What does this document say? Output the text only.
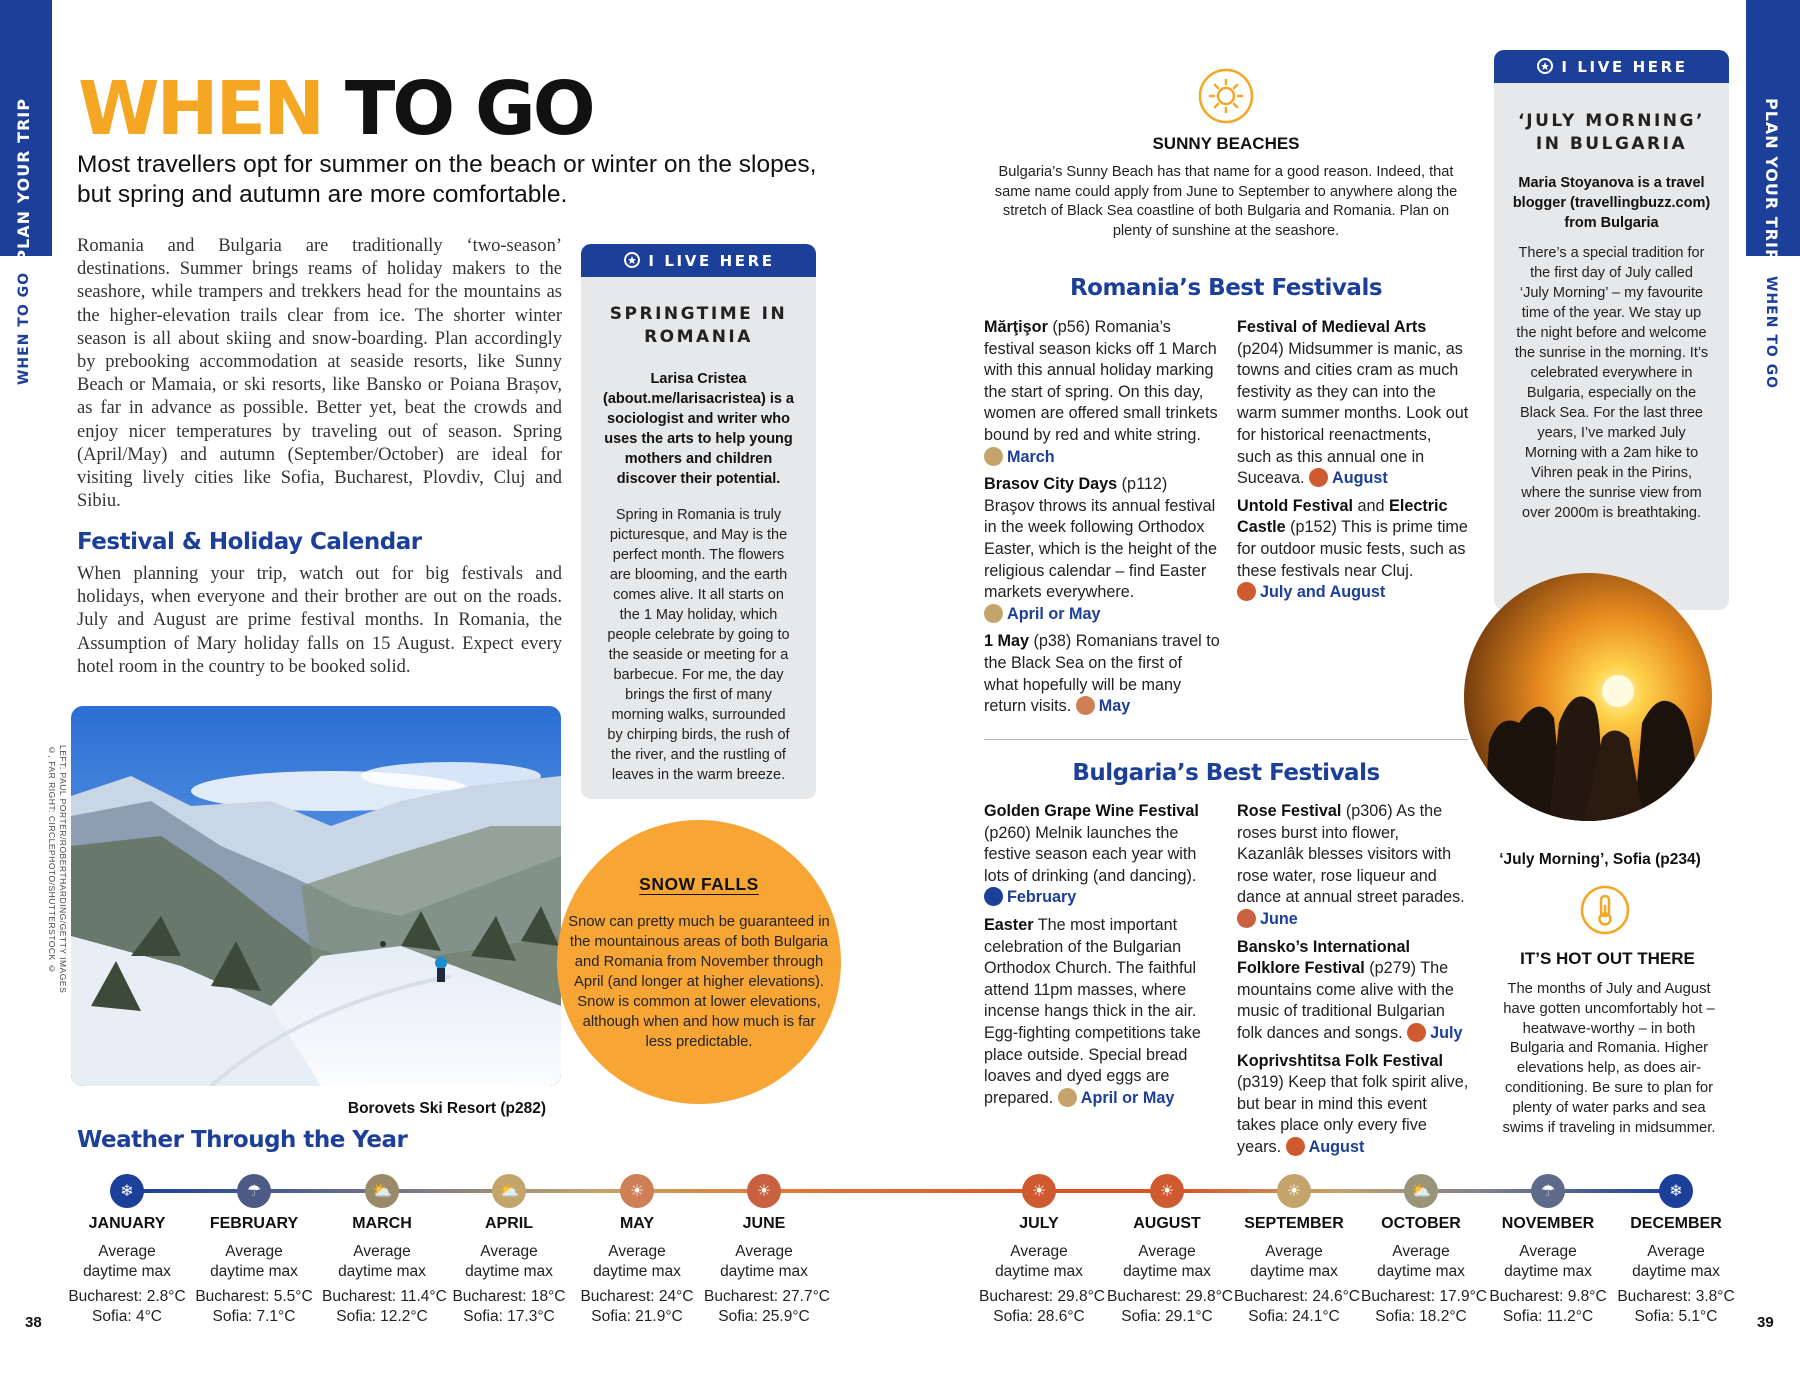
PLAN YOUR TRIP
WHEN TO GO
PLAN YOUR TRIP
WHEN TO GO
WHEN TO GO
Most travellers opt for summer on the beach or winter on the slopes, but spring and autumn are more comfortable.
Romania and Bulgaria are traditionally ‘two-season’ destinations. Summer brings reams of holiday makers to the seashore, while trampers and trekkers head for the mountains as the higher-elevation trails clear from ice. The shorter winter season is all about skiing and snow-boarding. Plan accordingly by prebooking accommodation at seaside resorts, like Sunny Beach or Mamaia, or ski resorts, like Bansko or Poiana Brașov, as far in advance as possible. Better yet, beat the crowds and enjoy nicer temperatures by traveling out of season. Spring (April/May) and autumn (September/October) are ideal for visiting lively cities like Sofia, Bucharest, Plovdiv, Cluj and Sibiu.
Festival & Holiday Calendar
When planning your trip, watch out for big festivals and holidays, when everyone and their brother are out on the roads. July and August are prime festival months. In Romania, the Assumption of Mary holiday falls on 15 August. Expect every hotel room in the country to be booked solid.
LEFT: PAUL PORTER/ROBERTHARDING/GETTY IMAGES ©, FAR RIGHT: CIRCLEPHOTO/SHUTTERSTOCK ©
Borovets Ski Resort (p282)
I LIVE HERE
SPRINGTIME IN ROMANIA
Larisa Cristea (about.me/larisacristea) is a sociologist and writer who uses the arts to help young mothers and children discover their potential.
Spring in Romania is truly picturesque, and May is the perfect month. The flowers are blooming, and the earth comes alive. It all starts on the 1 May holiday, which people celebrate by going to the seaside or meeting for a barbecue. For me, the day brings the first of many morning walks, surrounded by chirping birds, the rush of the river, and the rustling of leaves in the warm breeze.
SNOW FALLS
Snow can pretty much be guaranteed in the mountainous areas of both Bulgaria and Romania from November through April (and longer at higher elevations). Snow is common at lower elevations, although when and how much is far less predictable.
SUNNY BEACHES
Bulgaria’s Sunny Beach has that name for a good reason. Indeed, that same name could apply from June to September to anywhere along the stretch of Black Sea coastline of both Bulgaria and Romania. Plan on plenty of sunshine at the seashore.
Romania’s Best Festivals
Mărţişor (p56) Romania’s festival season kicks off 1 March with this annual holiday marking the start of spring. On this day, women are offered small trinkets bound by red and white string. March
Brasov City Days (p112) Braşov throws its annual festival in the week following Orthodox Easter, which is the height of the religious calendar – find Easter markets everywhere. April or May
1 May (p38) Romanians travel to the Black Sea on the first of what hopefully will be many return visits. May
Festival of Medieval Arts (p204) Midsummer is manic, as towns and cities cram as much festivity as they can into the warm summer months. Look out for historical reenactments, such as this annual one in Suceava. August
Untold Festival and Electric Castle (p152) This is prime time for outdoor music fests, such as these festivals near Cluj. July and August
Bulgaria’s Best Festivals
Golden Grape Wine Festival (p260) Melnik launches the festive season each year with lots of drinking (and dancing). February
Easter The most important celebration of the Bulgarian Orthodox Church. The faithful attend 11pm masses, where incense hangs thick in the air. Egg-fighting competitions take place outside. Special bread loaves and dyed eggs are prepared. April or May
Rose Festival (p306) As the roses burst into flower, Kazanlâk blesses visitors with rose water, rose liqueur and dance at annual street parades. June
Bansko’s International Folklore Festival (p279) The mountains come alive with the music of traditional Bulgarian folk dances and songs. July
Koprivshtitsa Folk Festival (p319) Keep that folk spirit alive, but bear in mind this event takes place only every five years. August
I LIVE HERE
‘JULY MORNING’ IN BULGARIA
Maria Stoyanova is a travel blogger (travellingbuzz.com) from Bulgaria
There’s a special tradition for the first day of July called ‘July Morning’ – my favourite time of the year. We stay up the night before and welcome the sunrise in the morning. It’s celebrated everywhere in Bulgaria, especially on the Black Sea. For the last three years, I’ve marked July Morning with a 2am hike to Vihren peak in the Pirins, where the sunrise view from over 2000m is breathtaking.
‘July Morning’, Sofia (p234)
IT’S HOT OUT THERE
The months of July and August have gotten uncomfortably hot – heatwave-worthy – in both Bulgaria and Romania. Higher elevations help, as does air-conditioning. Be sure to plan for plenty of water parks and sea swims if traveling in midsummer.
Weather Through the Year
❄
JANUARY
Average daytime max
Bucharest: 2.8°C
Sofia: 4°C
☂
FEBRUARY
Average daytime max
Bucharest: 5.5°C
Sofia: 7.1°C
⛅
MARCH
Average daytime max
Bucharest: 11.4°C
Sofia: 12.2°C
⛅
APRIL
Average daytime max
Bucharest: 18°C
Sofia: 17.3°C
☀
MAY
Average daytime max
Bucharest: 24°C
Sofia: 21.9°C
☀
JUNE
Average daytime max
Bucharest: 27.7°C
Sofia: 25.9°C
☀
JULY
Average daytime max
Bucharest: 29.8°C
Sofia: 28.6°C
☀
AUGUST
Average daytime max
Bucharest: 29.8°C
Sofia: 29.1°C
☀
SEPTEMBER
Average daytime max
Bucharest: 24.6°C
Sofia: 24.1°C
⛅
OCTOBER
Average daytime max
Bucharest: 17.9°C
Sofia: 18.2°C
☂
NOVEMBER
Average daytime max
Bucharest: 9.8°C
Sofia: 11.2°C
❄
DECEMBER
Average daytime max
Bucharest: 3.8°C
Sofia: 5.1°C
38	39
